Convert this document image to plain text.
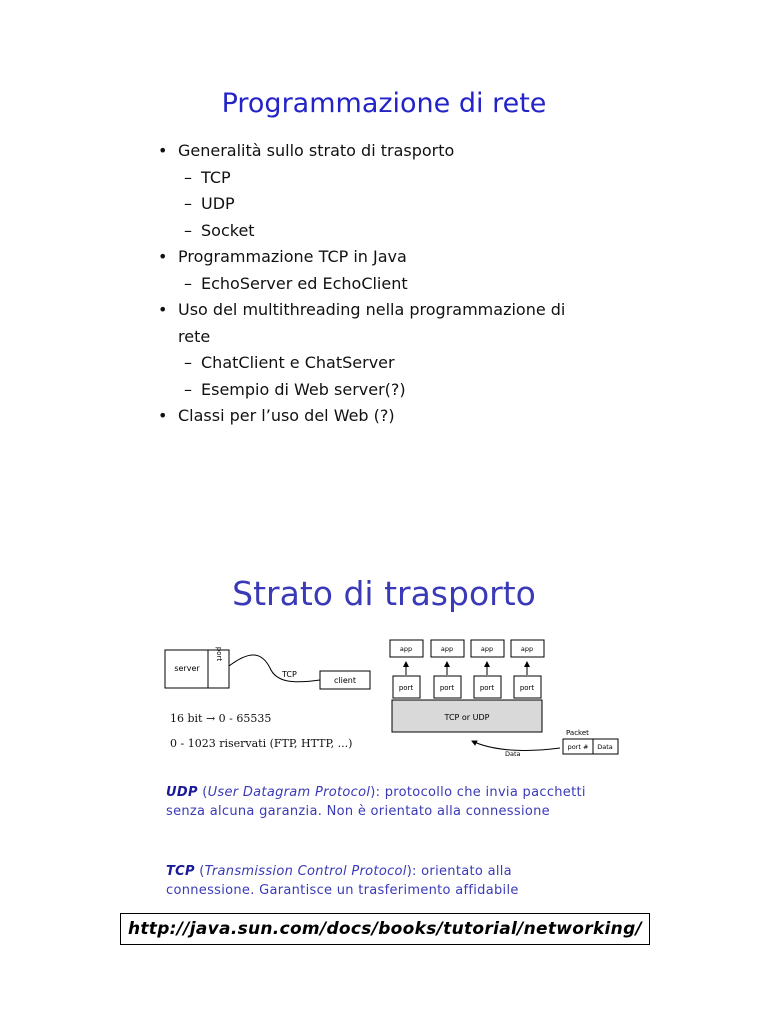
Programmazione di rete
• Generalità sullo strato di trasporto
– TCP
– UDP
– Socket
• Programmazione TCP in Java
– EchoServer ed EchoClient
• Uso del multithreading nella programmazione di rete
– ChatClient e ChatServer
– Esempio di Web server(?)
• Classi per l’uso del Web (?)
Strato di trasporto
server
port
TCP
client
app	app	app	app
port	port	port	port
TCP or UDP
Packet
port # Data
Data
16 bit → 0 - 65535
0 - 1023 riservati (FTP, HTTP, ...)

UDP (User Datagram Protocol): protocollo che invia pacchetti senza alcuna garanzia. Non è orientato alla connessione

TCP (Transmission Control Protocol): orientato alla connessione. Garantisce un trasferimento affidabile

http://java.sun.com/docs/books/tutorial/networking/
